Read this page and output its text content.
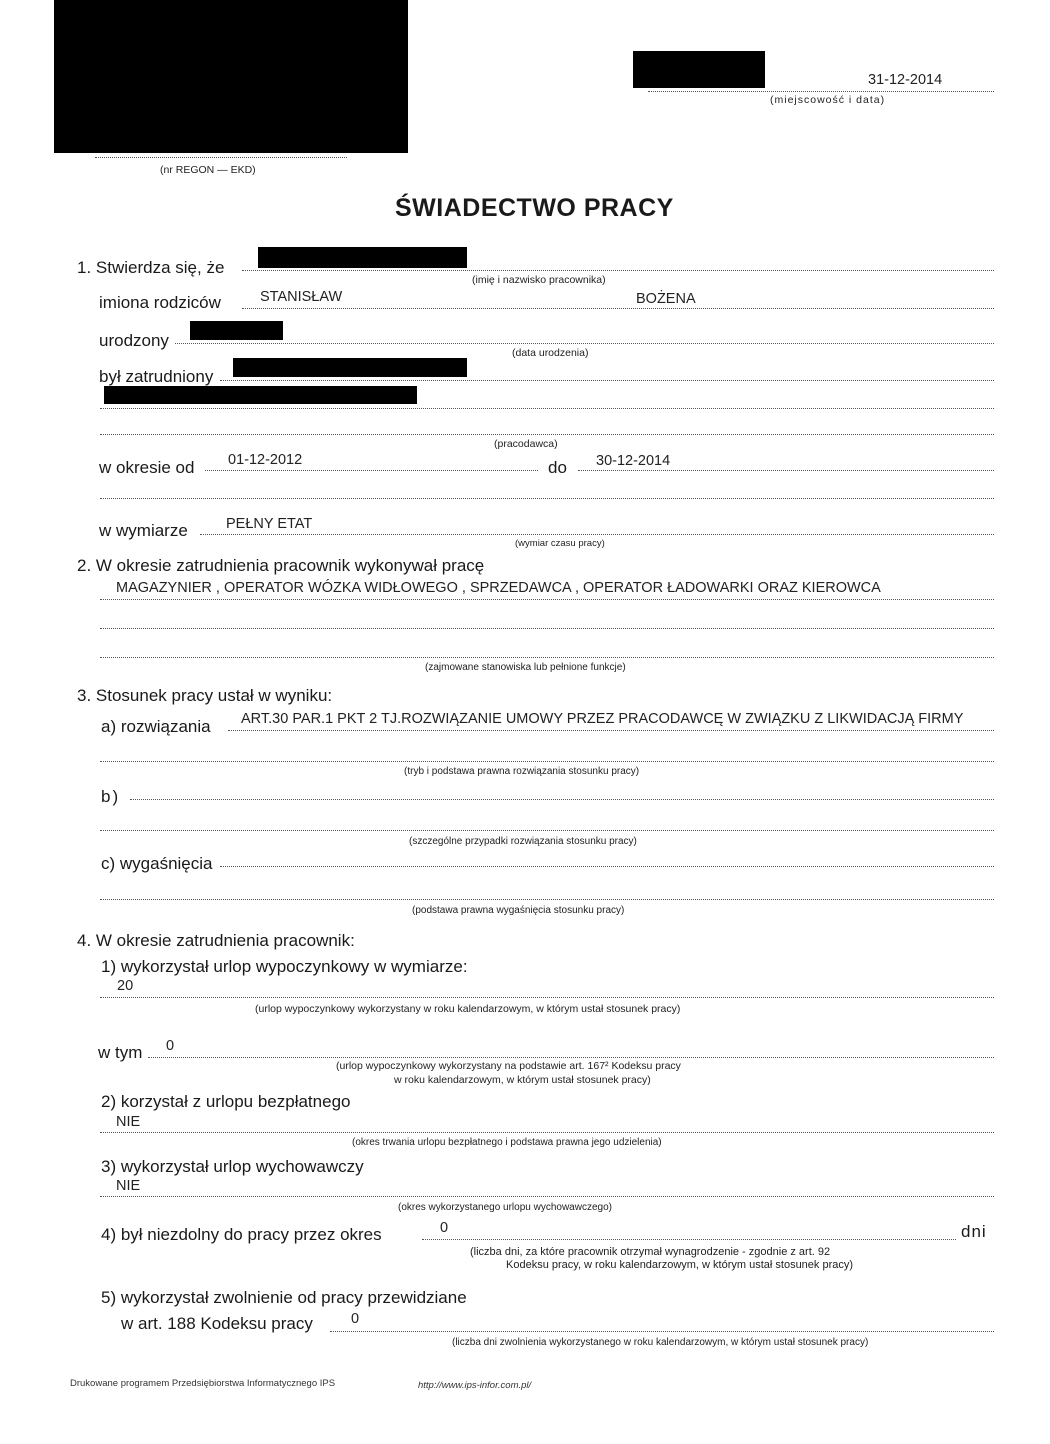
(nr REGON — EKD)
31-12-2014
(miejscowość i data)
ŚWIADECTWO PRACY
1. Stwierdza się, że
(imię i nazwisko pracownika)
imiona rodziców	STANISŁAW	BOŻENA
urodzony
(data urodzenia)
był zatrudniony
(pracodawca)
w okresie od 01-12-2012	do 30-12-2014
w wymiarze	PEŁNY ETAT
(wymiar czasu pracy)
2. W okresie zatrudnienia pracownik wykonywał pracę
MAGAZYNIER , OPERATOR WÓZKA WIDŁOWEGO , SPRZEDAWCA , OPERATOR ŁADOWARKI ORAZ KIEROWCA
(zajmowane stanowiska lub pełnione funkcje)
3. Stosunek pracy ustał w wyniku:
a) rozwiązania ART.30 PAR.1 PKT 2 TJ.ROZWIĄZANIE UMOWY PRZEZ PRACODAWCĘ W ZWIĄZKU Z LIKWIDACJĄ FIRMY
(tryb i podstawa prawna rozwiązania stosunku pracy)
b)
(szczególne przypadki rozwiązania stosunku pracy)
c) wygaśnięcia
(podstawa prawna wygaśnięcia stosunku pracy)
4. W okresie zatrudnienia pracownik:
1) wykorzystał urlop wypoczynkowy w wymiarze:
20
(urlop wypoczynkowy wykorzystany w roku kalendarzowym, w którym ustał stosunek pracy)
w tym 0
(urlop wypoczynkowy wykorzystany na podstawie art. 167² Kodeksu pracy
w roku kalendarzowym, w którym ustał stosunek pracy)
2) korzystał z urlopu bezpłatnego
NIE
(okres trwania urlopu bezpłatnego i podstawa prawna jego udzielenia)
3) wykorzystał urlop wychowawczy
NIE
(okres wykorzystanego urlopu wychowawczego)
4) był niezdolny do pracy przez okres	0	dni
(liczba dni, za które pracownik otrzymał wynagrodzenie - zgodnie z art. 92
Kodeksu pracy, w roku kalendarzowym, w którym ustał stosunek pracy)
5) wykorzystał zwolnienie od pracy przewidziane
w art. 188 Kodeksu pracy	0
(liczba dni zwolnienia wykorzystanego w roku kalendarzowym, w którym ustał stosunek pracy)
Drukowane programem Przedsiębiorstwa Informatycznego IPS	http://www.ips-infor.com.pl/
